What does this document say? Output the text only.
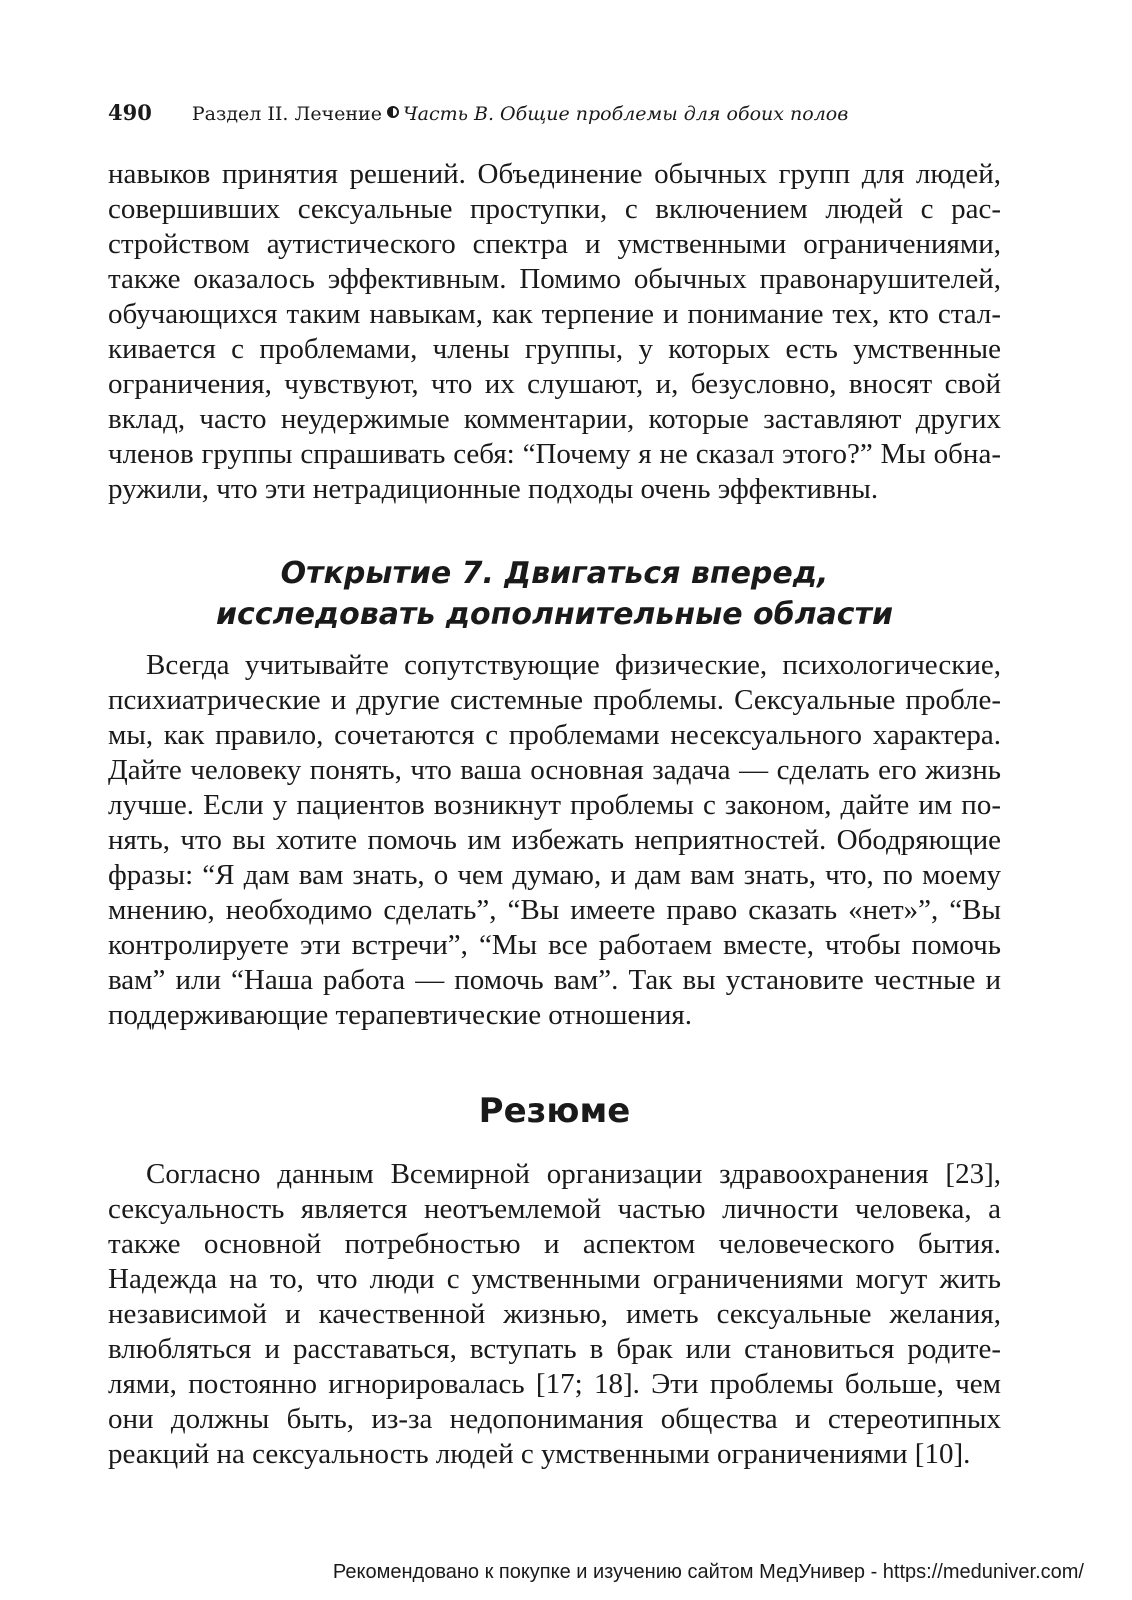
490 Раздел II. Лечение Часть B. Общие проблемы для обоих полов

навыков принятия решений. Объединение обычных групп для людей, совершивших сексуальные проступки, с включением людей с расстройством аутистического спектра и умственными ограничениями, также оказалось эффективным. Помимо обычных правонарушителей, обучающихся таким навыкам, как терпение и понимание тех, кто сталкивается с проблемами, члены группы, у которых есть умственные ограничения, чувствуют, что их слушают, и, безусловно, вносят свой вклад, часто неудержимые комментарии, которые заставляют других членов группы спрашивать себя: “Почему я не сказал этого?” Мы обнаружили, что эти нетрадиционные подходы очень эффективны.

Открытие 7. Двигаться вперед,
исследовать дополнительные области

Всегда учитывайте сопутствующие физические, психологические, психиатрические и другие системные проблемы. Сексуальные проблемы, как правило, сочетаются с проблемами несексуального характера. Дайте человеку понять, что ваша основная задача — сделать его жизнь лучше. Если у пациентов возникнут проблемы с законом, дайте им понять, что вы хотите помочь им избежать неприятностей. Ободряющие фразы: “Я дам вам знать, о чем думаю, и дам вам знать, что, по моему мнению, необходимо сделать”, “Вы имеете право сказать «нет»”, “Вы контролируете эти встречи”, “Мы все работаем вместе, чтобы помочь вам” или “Наша работа — помочь вам”. Так вы установите честные и поддерживающие терапевтические отношения.

Резюме

Согласно данным Всемирной организации здравоохранения [23], сексуальность является неотъемлемой частью личности человека, а также основной потребностью и аспектом человеческого бытия. Надежда на то, что люди с умственными ограничениями могут жить независимой и качественной жизнью, иметь сексуальные желания, влюбляться и расставаться, вступать в брак или становиться родителями, постоянно игнорировалась [17; 18]. Эти проблемы больше, чем они должны быть, из-за недопонимания общества и стереотипных реакций на сексуальность людей с умственными ограничениями [10].

Рекомендовано к покупке и изучению сайтом МедУнивер - https://meduniver.com/
